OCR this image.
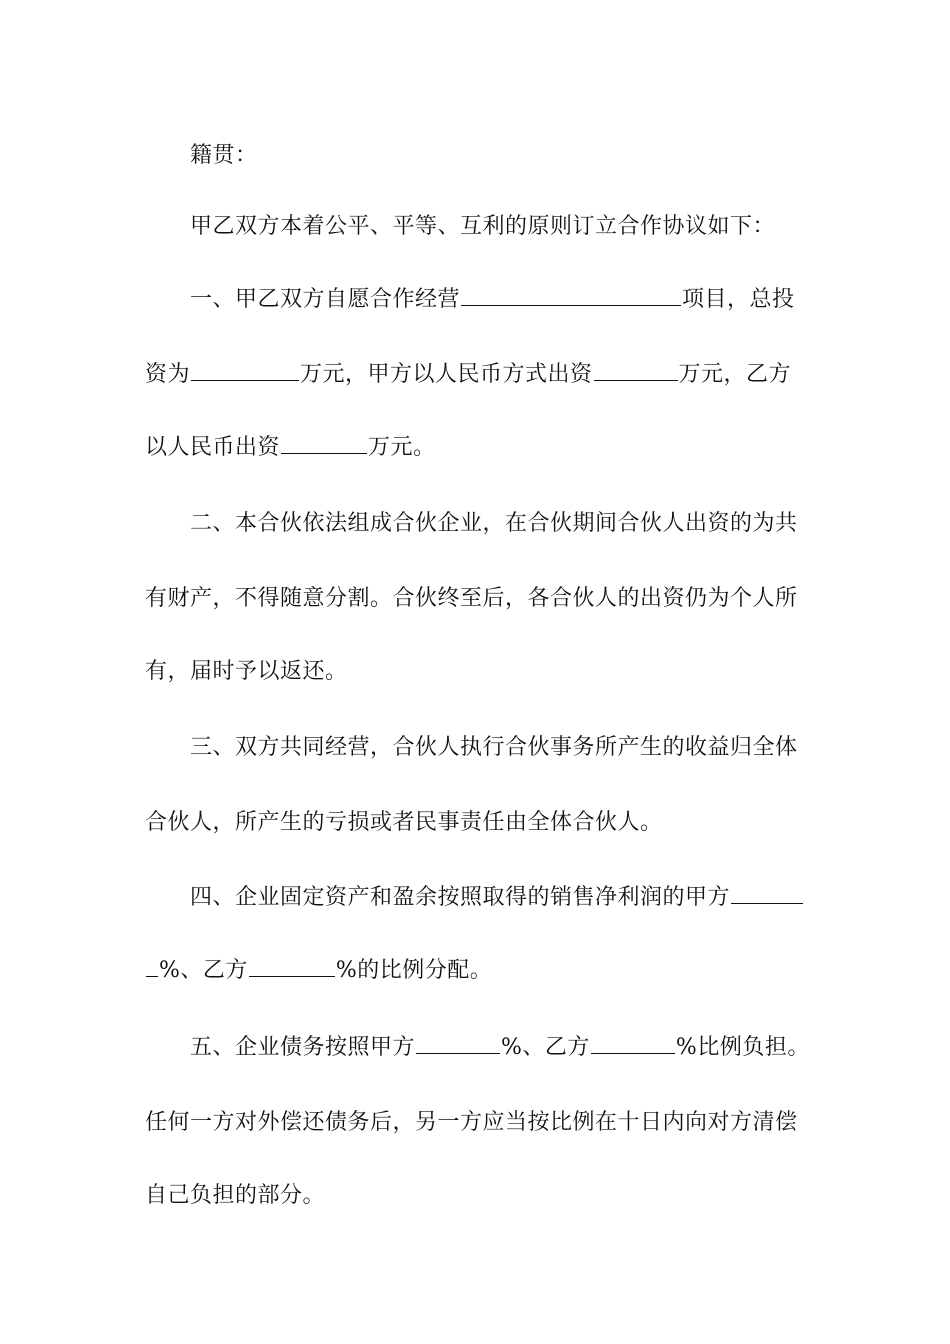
籍贯：
甲乙双方本着公平、平等、互利的原则订立合作协议如下：
一、甲乙双方自愿合作经营	项目，总投
资为	万元，甲方以人民币方式出资	万元，乙方
以人民币出资	万元。
二、本合伙依法组成合伙企业，在合伙期间合伙人出资的为共
有财产，不得随意分割。合伙终至后，各合伙人的出资仍为个人所
有，届时予以返还。
三、双方共同经营，合伙人执行合伙事务所产生的收益归全体
合伙人，所产生的亏损或者民事责任由全体合伙人。
四、企业固定资产和盈余按照取得的销售净利润的甲方
%、乙方	%的比例分配。
五、企业债务按照甲方	%、乙方	%比例负担。
任何一方对外偿还债务后，另一方应当按比例在十日内向对方清偿
自己负担的部分。
